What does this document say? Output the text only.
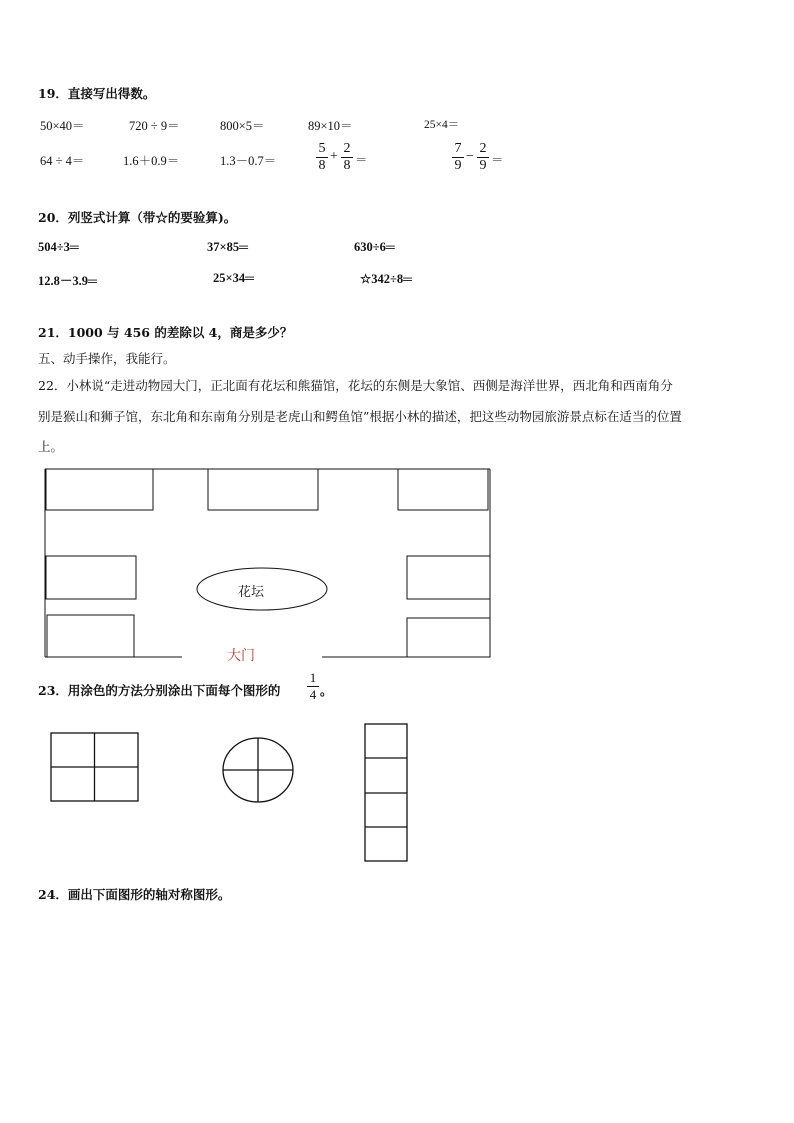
19．直接写出得数。
50×40＝	720 ÷ 9＝	800×5＝	89×10＝	25×4＝
64 ÷ 4＝	1.6＋0.9＝	1.3－0.7＝	$\frac{5}{8} + \frac{2}{8}$ ＝	$\frac{7}{9} - \frac{2}{9}$ ＝
20．列竖式计算（带☆的要验算)。
504÷3═	37×85═	630÷6═
12.8－3.9═	25×34═	☆342÷8═
21．1000 与 456 的差除以 4，商是多少？
五、动手操作，我能行。
22．小林说“走进动物园大门，正北面有花坛和熊猫馆，花坛的东侧是大象馆、西侧是海洋世界，西北角和西南角分
别是猴山和狮子馆，东北角和东南角分别是老虎山和鳄鱼馆”根据小林的描述，把这些动物园旅游景点标在适当的位置
上。
花坛
大门
23．用涂色的方法分别涂出下面每个图形的 $\frac{1}{4}$ 。
24．画出下面图形的轴对称图形。
